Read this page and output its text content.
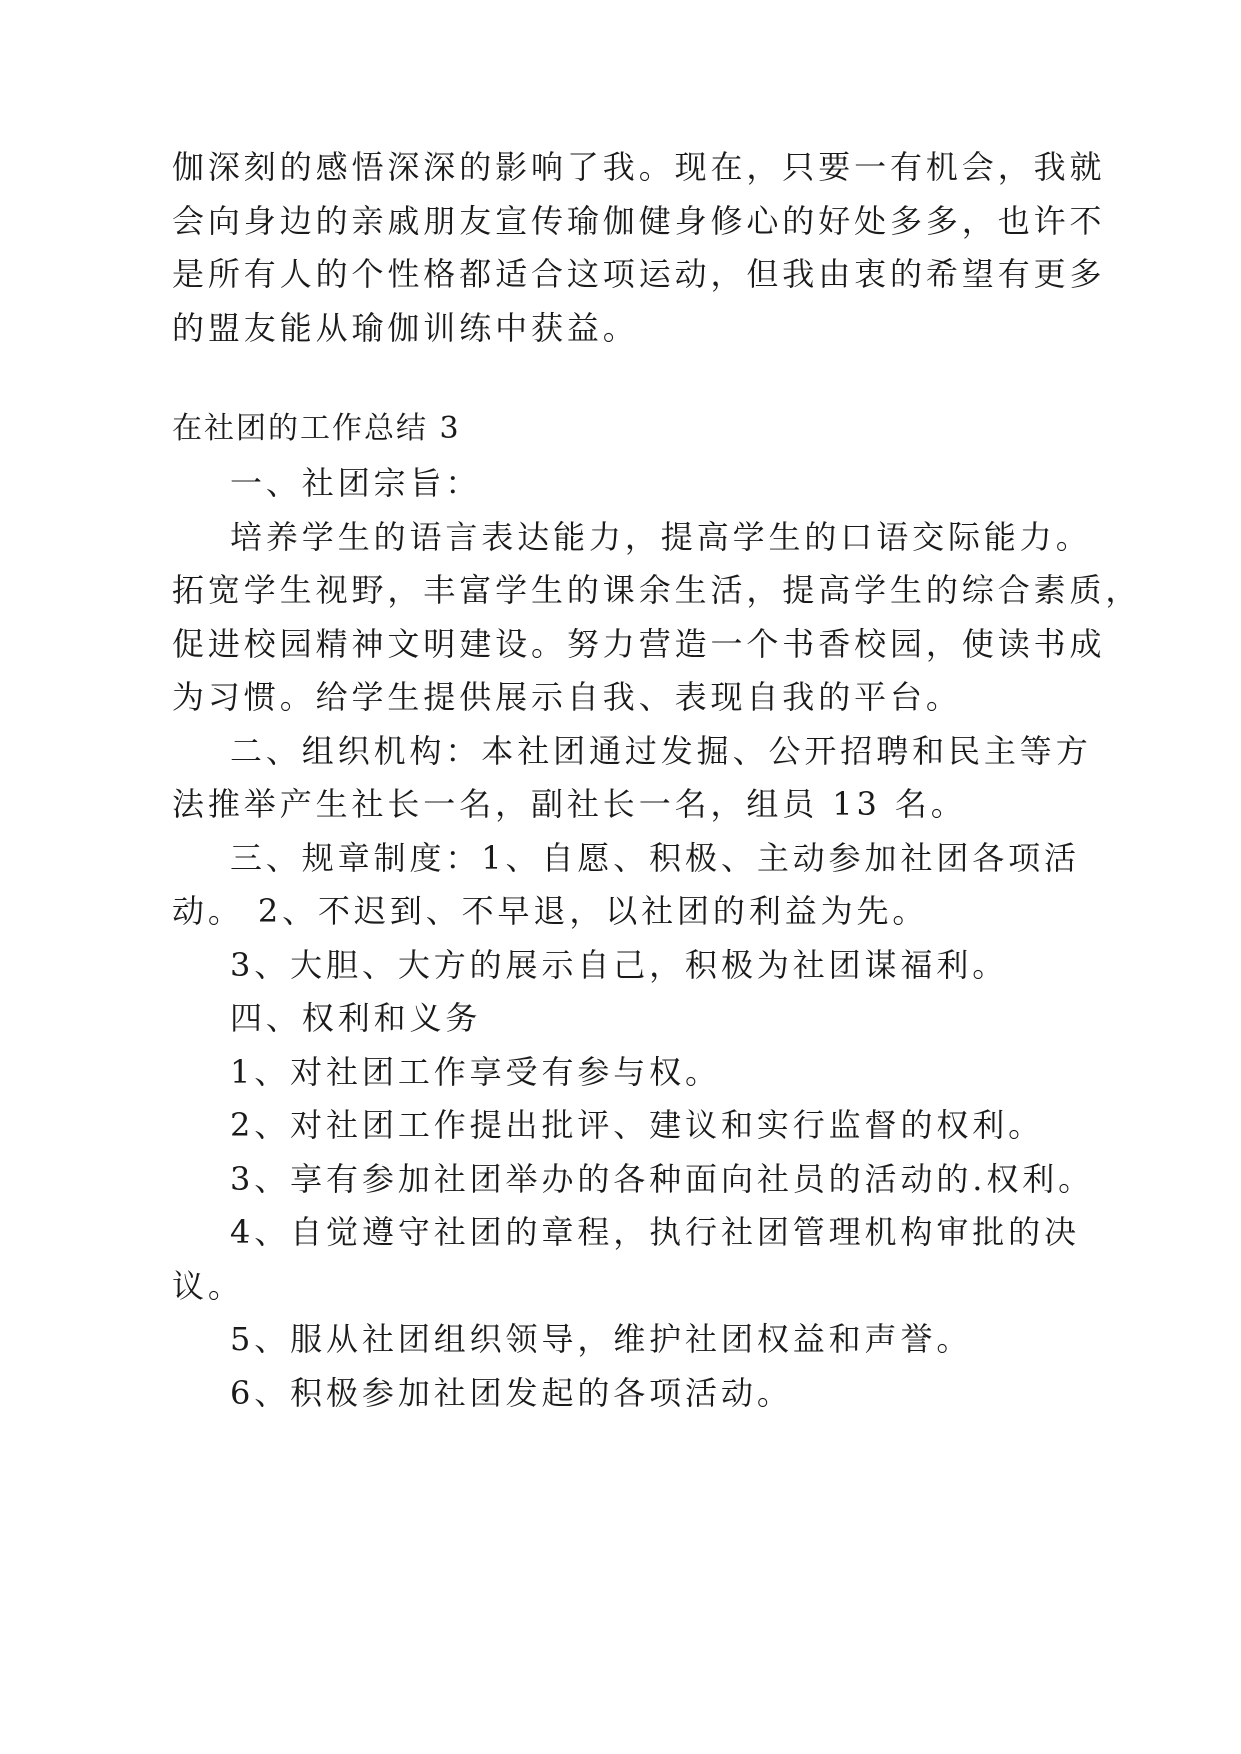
伽深刻的感悟深深的影响了我。现在，只要一有机会，我就
会向身边的亲戚朋友宣传瑜伽健身修心的好处多多，也许不
是所有人的个性格都适合这项运动，但我由衷的希望有更多
的盟友能从瑜伽训练中获益。
在社团的工作总结 3
一、社团宗旨：
培养学生的语言表达能力，提高学生的口语交际能力。
拓宽学生视野，丰富学生的课余生活，提高学生的综合素质，
促进校园精神文明建设。努力营造一个书香校园，使读书成
为习惯。给学生提供展示自我、表现自我的平台。
二、组织机构：本社团通过发掘、公开招聘和民主等方
法推举产生社长一名，副社长一名，组员 13 名。
三、规章制度：1、自愿、积极、主动参加社团各项活
动。 2、不迟到、不早退，以社团的利益为先。
3、大胆、大方的展示自己，积极为社团谋福利。
四、权利和义务
1、对社团工作享受有参与权。
2、对社团工作提出批评、建议和实行监督的权利。
3、享有参加社团举办的各种面向社员的活动的.权利。
4、自觉遵守社团的章程，执行社团管理机构审批的决
议。
5、服从社团组织领导，维护社团权益和声誉。
6、积极参加社团发起的各项活动。
